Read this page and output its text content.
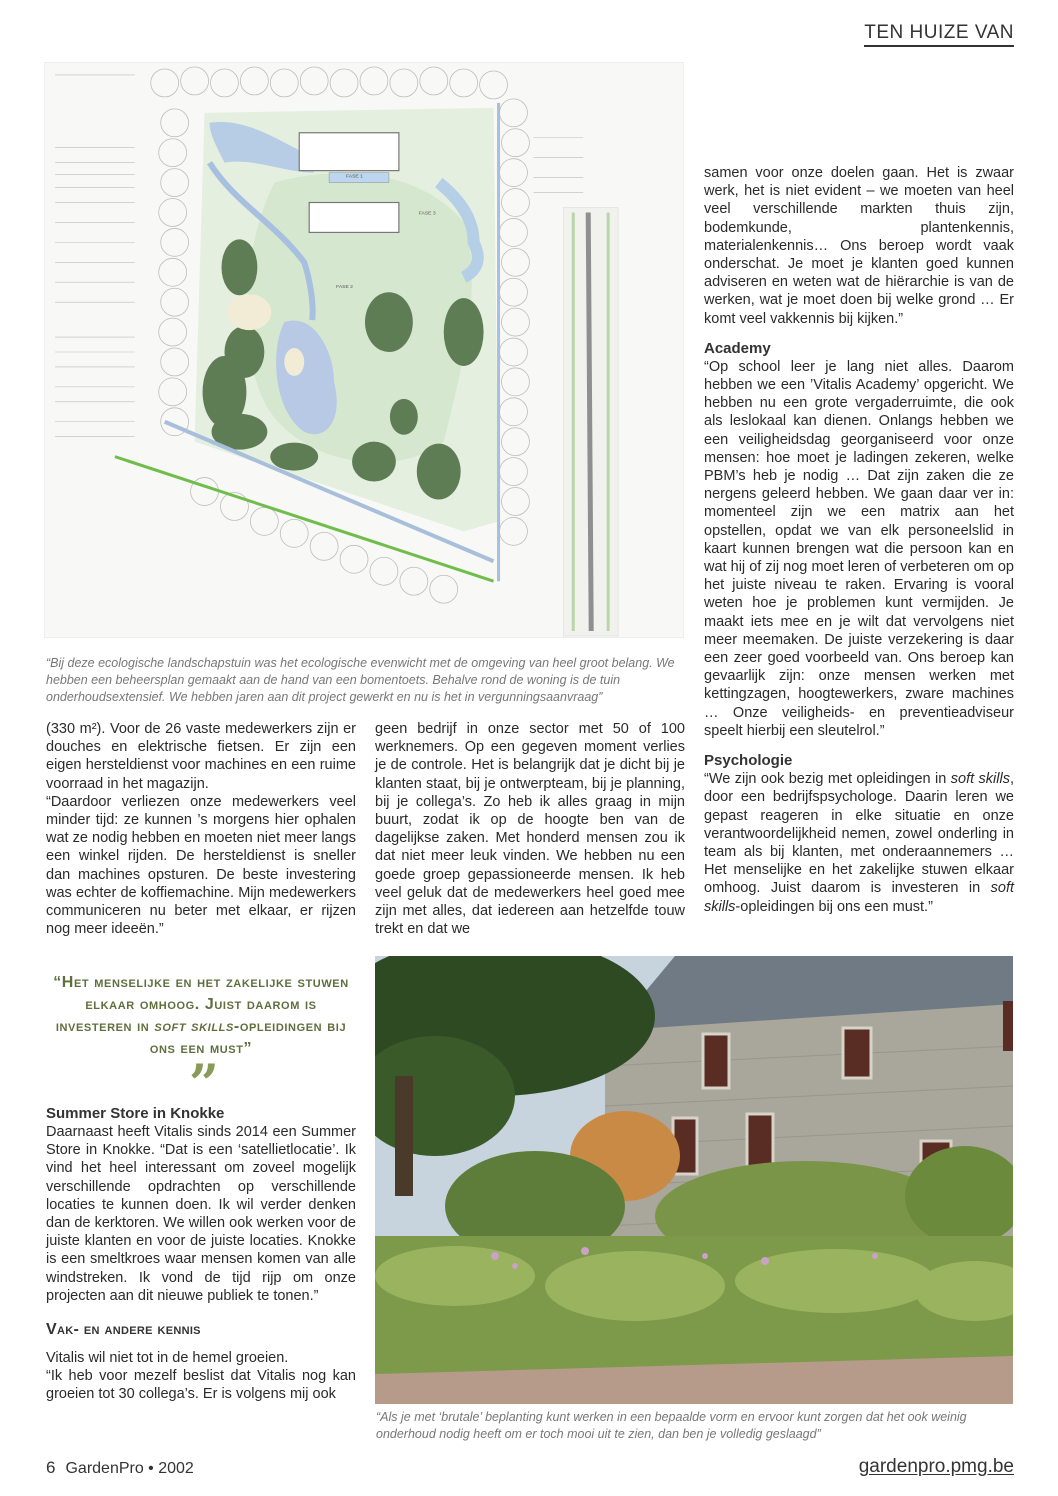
TEN HUIZE VAN
FASE 1
FASE 3
FASE 2
“Bij deze ecologische landschapstuin was het ecologische evenwicht met de omgeving van heel groot belang. We hebben een beheersplan gemaakt aan de hand van een bomentoets. Behalve rond de woning is de tuin onderhoudsextensief. We hebben jaren aan dit project gewerkt en nu is het in vergunningsaanvraag”

samen voor onze doelen gaan. Het is zwaar werk, het is niet evident – we moeten van heel veel verschillende markten thuis zijn, bodemkunde, plantenkennis, materialenkennis… Ons beroep wordt vaak onderschat. Je moet je klanten goed kunnen adviseren en weten wat de hiërarchie is van de werken, wat je moet doen bij welke grond … Er komt veel vakkennis bij kijken.”

Academy

“Op school leer je lang niet alles. Daarom hebben we een ’Vitalis Academy’ opgericht. We hebben nu een grote vergaderruimte, die ook als leslokaal kan dienen. Onlangs hebben we een veiligheidsdag georganiseerd voor onze mensen: hoe moet je ladingen zekeren, welke PBM’s heb je nodig … Dat zijn zaken die ze nergens geleerd hebben. We gaan daar ver in: momenteel zijn we een matrix aan het opstellen, opdat we van elk personeelslid in kaart kunnen brengen wat die persoon kan en wat hij of zij nog moet leren of verbeteren om op het juiste niveau te raken. Ervaring is vooral weten hoe je problemen kunt vermijden. Je maakt iets mee en je wilt dat vervolgens niet meer meemaken. De juiste verzekering is daar een zeer goed voorbeeld van. Ons beroep kan gevaarlijk zijn: onze mensen werken met kettingzagen, hoogtewerkers, zware machines … Onze veiligheids- en preventieadviseur speelt hierbij een sleutelrol.”

Psychologie

“We zijn ook bezig met opleidingen in soft skills, door een bedrijfspsychologe. Daarin leren we gepast reageren in elke situatie en onze verantwoordelijkheid nemen, zowel onderling in team als bij klanten, met onderaannemers … Het menselijke en het zakelijke stuwen elkaar omhoog. Juist daarom is investeren in soft skills-opleidingen bij ons een must.”

(330 m²). Voor de 26 vaste medewerkers zijn er douches en elektrische fietsen. Er zijn een eigen hersteldienst voor machines en een ruime voorraad in het magazijn.

“Daardoor verliezen onze medewerkers veel minder tijd: ze kunnen ’s morgens hier ophalen wat ze nodig hebben en moeten niet meer langs een winkel rijden. De hersteldienst is sneller dan machines opsturen. De beste investering was echter de koffiemachine. Mijn medewerkers communiceren nu beter met elkaar, er rijzen nog meer ideeën.”

geen bedrijf in onze sector met 50 of 100 werknemers. Op een gegeven moment verlies je de controle. Het is belangrijk dat je dicht bij je klanten staat, bij je ontwerpteam, bij je planning, bij je collega’s. Zo heb ik alles graag in mijn buurt, zodat ik op de hoogte ben van de dagelijkse zaken. Met honderd mensen zou ik dat niet meer leuk vinden. We hebben nu een goede groep gepassioneerde mensen. Ik heb veel geluk dat de medewerkers heel goed mee zijn met alles, dat iedereen aan hetzelfde touw trekt en dat we

“Het menselijke en het zakelijke stuwen elkaar omhoog. Juist daarom is investeren in soft skills-opleidingen bij ons een must”
”
Summer Store in Knokke

Daarnaast heeft Vitalis sinds 2014 een Summer Store in Knokke. “Dat is een ‘satellietlocatie’. Ik vind het heel interessant om zoveel mogelijk verschillende opdrachten op verschillende locaties te kunnen doen. Ik wil verder denken dan de kerktoren. We willen ook werken voor de juiste klanten en voor de juiste locaties. Knokke is een smeltkroes waar mensen komen van alle windstreken. Ik vond de tijd rijp om onze projecten aan dit nieuwe publiek te tonen.”

Vak- en andere kennis

Vitalis wil niet tot in de hemel groeien.

“Ik heb voor mezelf beslist dat Vitalis nog kan groeien tot 30 collega’s. Er is volgens mij ook

“Als je met ‘brutale’ beplanting kunt werken in een bepaalde vorm en ervoor kunt zorgen dat het ook weinig onderhoud nodig heeft om er toch mooi uit te zien, dan ben je volledig geslaagd”
6 GardenPro • 2002	gardenpro.pmg.be
